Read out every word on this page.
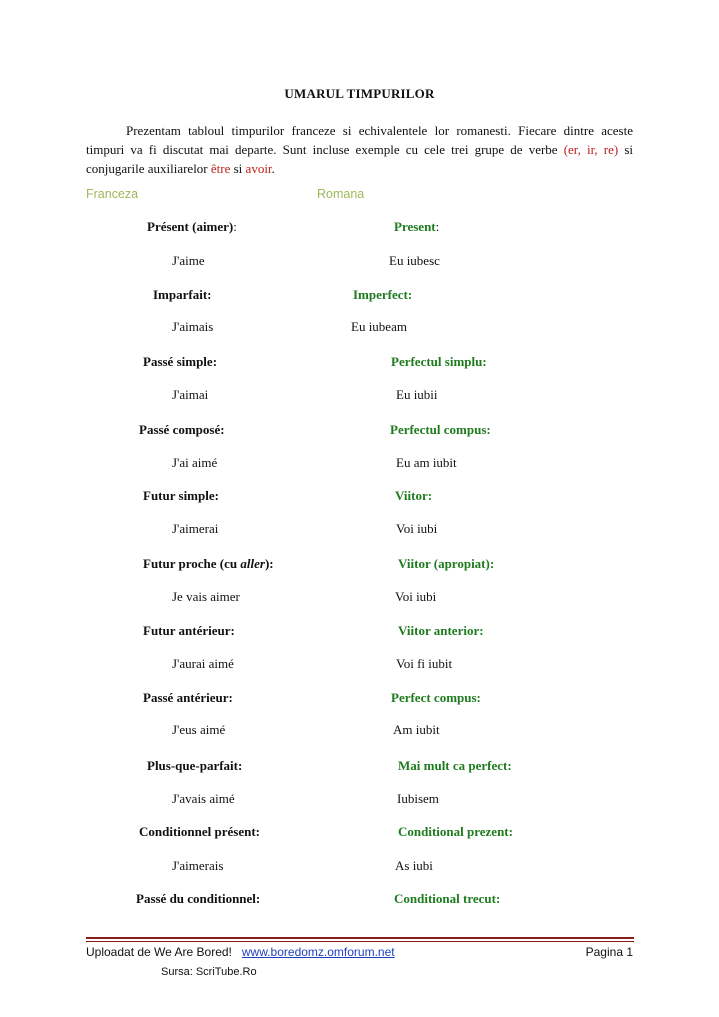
UMARUL TIMPURILOR

Prezentam tabloul timpurilor franceze si echivalentele lor romanesti. Fiecare dintre aceste timpuri va fi discutat mai departe. Sunt incluse exemple cu cele trei grupe de verbe (er, ir, re) si conjugarile auxiliarelor être si avoir.

Franceza	Romana
Présent (aimer):	Present:
J'aime	Eu iubesc
Imparfait:	Imperfect:
J'aimais	Eu iubeam
Passé simple:	Perfectul simplu:
J'aimai	Eu iubii
Passé composé:	Perfectul compus:
J'ai aimé	Eu am iubit
Futur simple:	Viitor:
J'aimerai	Voi iubi
Futur proche (cu aller):	Viitor (apropiat):
Je vais aimer	Voi iubi
Futur antérieur:	Viitor anterior:
J'aurai aimé	Voi fi iubit
Passé antérieur:	Perfect compus:
J'eus aimé	Am iubit
Plus-que-parfait:	Mai mult ca perfect:
J'avais aimé	Iubisem
Conditionnel présent:	Conditional prezent:
J'aimerais	As iubi
Passé du conditionnel:	Conditional trecut:
Uploadat de We Are Bored! www.boredomz.omforum.net	Pagina 1
Sursa: ScriTube.Ro
